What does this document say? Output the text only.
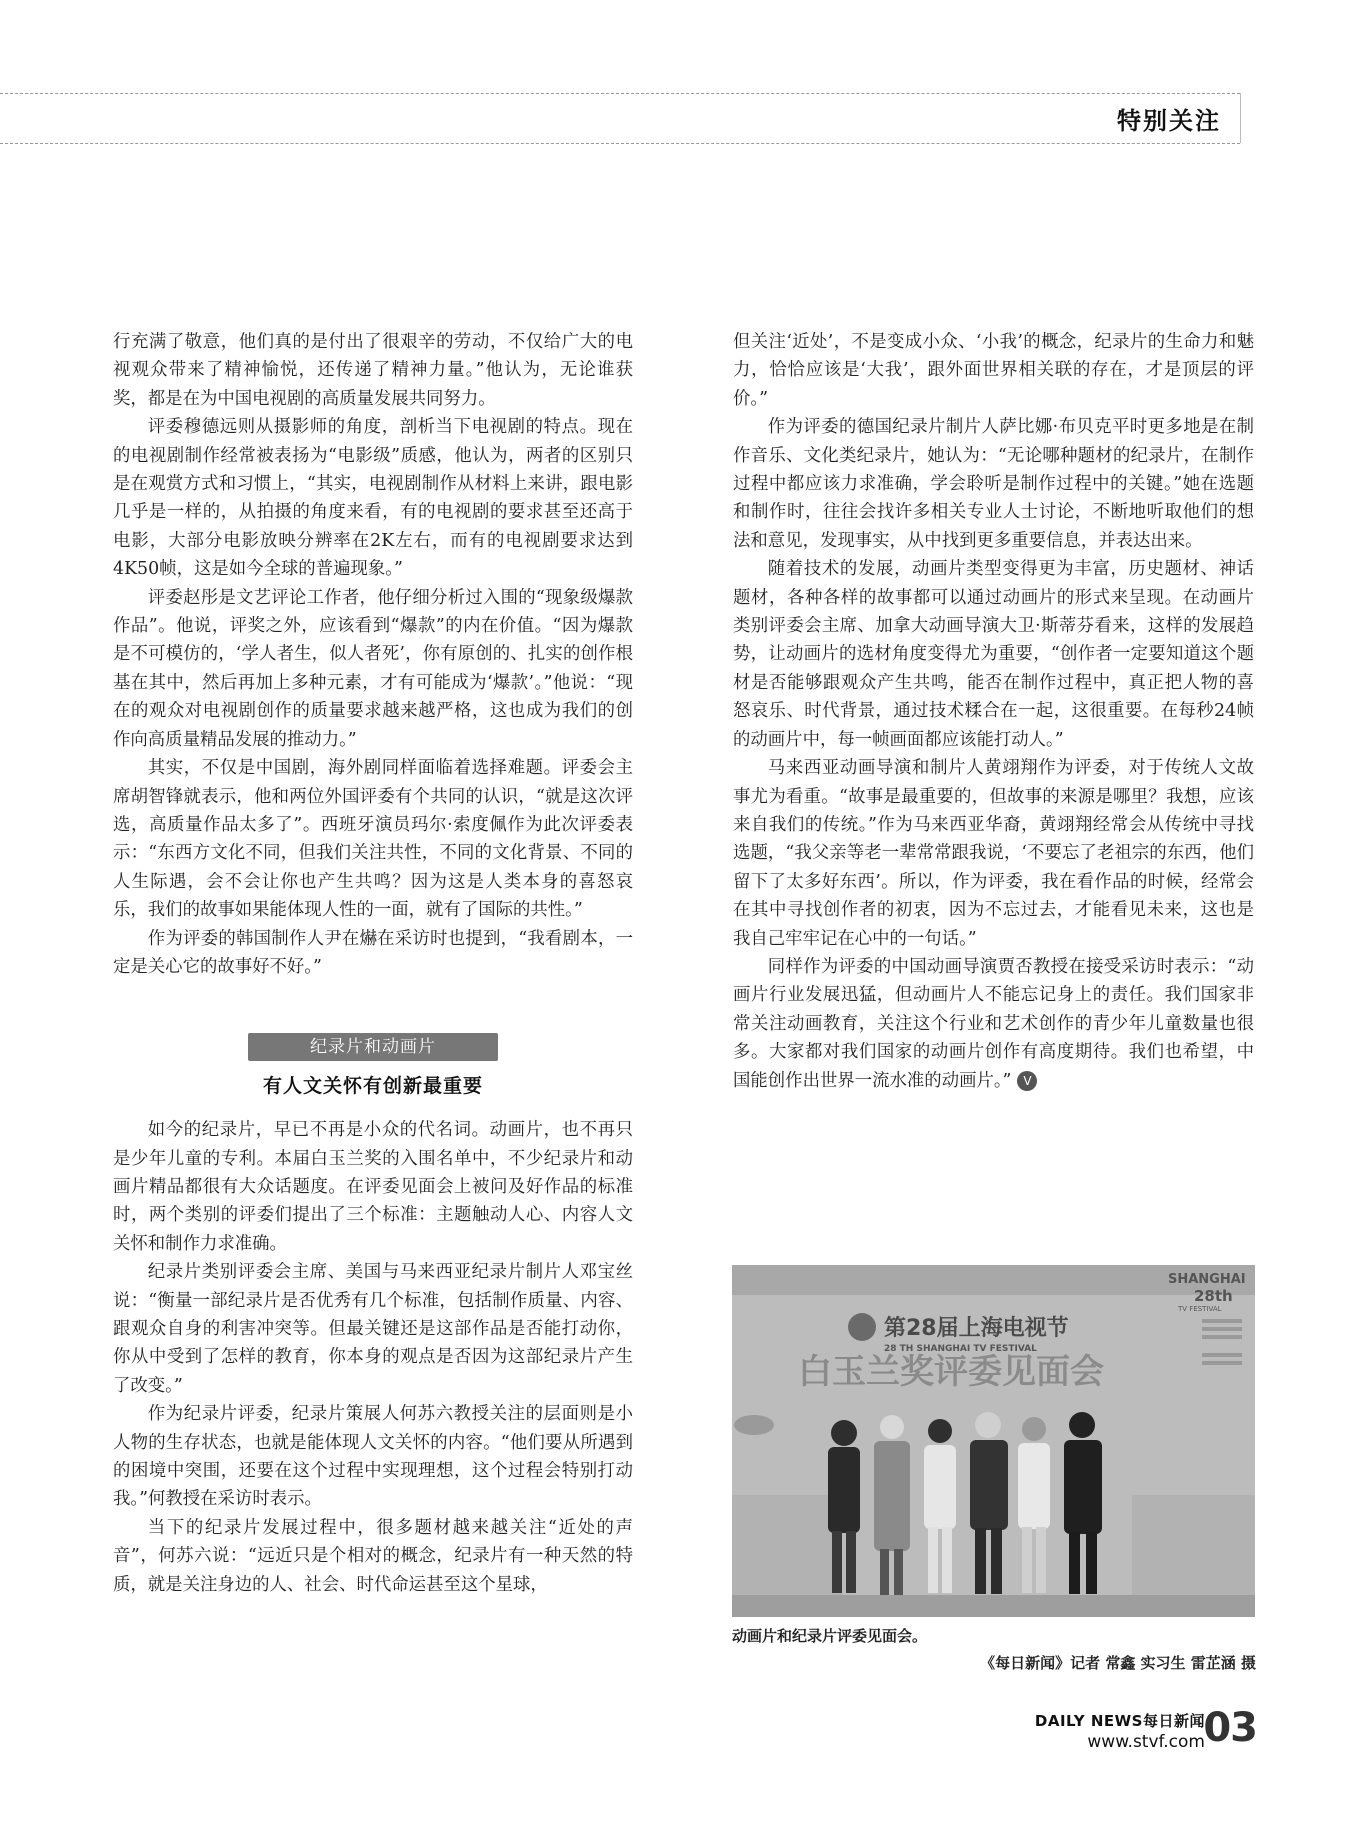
特别关注

行充满了敬意，他们真的是付出了很艰辛的劳动，不仅给广大的电视观众带来了精神愉悦，还传递了精神力量。”他认为，无论谁获奖，都是在为中国电视剧的高质量发展共同努力。

评委穆德远则从摄影师的角度，剖析当下电视剧的特点。现在的电视剧制作经常被表扬为“电影级”质感，他认为，两者的区别只是在观赏方式和习惯上，“其实，电视剧制作从材料上来讲，跟电影几乎是一样的，从拍摄的角度来看，有的电视剧的要求甚至还高于电影，大部分电影放映分辨率在2K左右，而有的电视剧要求达到4K50帧，这是如今全球的普遍现象。”

评委赵彤是文艺评论工作者，他仔细分析过入围的“现象级爆款作品”。他说，评奖之外，应该看到“爆款”的内在价值。“因为爆款是不可模仿的，‘学人者生，似人者死’，你有原创的、扎实的创作根基在其中，然后再加上多种元素，才有可能成为‘爆款’。”他说：“现在的观众对电视剧创作的质量要求越来越严格，这也成为我们的创作向高质量精品发展的推动力。”

其实，不仅是中国剧，海外剧同样面临着选择难题。评委会主席胡智锋就表示，他和两位外国评委有个共同的认识，“就是这次评选，高质量作品太多了”。西班牙演员玛尔·索度佩作为此次评委表示：“东西方文化不同，但我们关注共性，不同的文化背景、不同的人生际遇，会不会让你也产生共鸣？因为这是人类本身的喜怒哀乐，我们的故事如果能体现人性的一面，就有了国际的共性。”

作为评委的韩国制作人尹在爀在采访时也提到，“我看剧本，一定是关心它的故事好不好。”

纪录片和动画片
有人文关怀有创新最重要

如今的纪录片，早已不再是小众的代名词。动画片，也不再只是少年儿童的专利。本届白玉兰奖的入围名单中，不少纪录片和动画片精品都很有大众话题度。在评委见面会上被问及好作品的标准时，两个类别的评委们提出了三个标准：主题触动人心、内容人文关怀和制作力求准确。

纪录片类别评委会主席、美国与马来西亚纪录片制片人邓宝丝说：“衡量一部纪录片是否优秀有几个标准，包括制作质量、内容、跟观众自身的利害冲突等。但最关键还是这部作品是否能打动你，你从中受到了怎样的教育，你本身的观点是否因为这部纪录片产生了改变。”

作为纪录片评委，纪录片策展人何苏六教授关注的层面则是小人物的生存状态，也就是能体现人文关怀的内容。“他们要从所遇到的困境中突围，还要在这个过程中实现理想，这个过程会特别打动我。”何教授在采访时表示。

当下的纪录片发展过程中，很多题材越来越关注“近处的声音”，何苏六说：“远近只是个相对的概念，纪录片有一种天然的特质，就是关注身边的人、社会、时代命运甚至这个星球，

但关注‘近处’，不是变成小众、‘小我’的概念，纪录片的生命力和魅力，恰恰应该是‘大我’，跟外面世界相关联的存在，才是顶层的评价。”

作为评委的德国纪录片制片人萨比娜·布贝克平时更多地是在制作音乐、文化类纪录片，她认为：“无论哪种题材的纪录片，在制作过程中都应该力求准确，学会聆听是制作过程中的关键。”她在选题和制作时，往往会找许多相关专业人士讨论，不断地听取他们的想法和意见，发现事实，从中找到更多重要信息，并表达出来。

随着技术的发展，动画片类型变得更为丰富，历史题材、神话题材，各种各样的故事都可以通过动画片的形式来呈现。在动画片类别评委会主席、加拿大动画导演大卫·斯蒂芬看来，这样的发展趋势，让动画片的选材角度变得尤为重要，“创作者一定要知道这个题材是否能够跟观众产生共鸣，能否在制作过程中，真正把人物的喜怒哀乐、时代背景，通过技术糅合在一起，这很重要。在每秒24帧的动画片中，每一帧画面都应该能打动人。”

马来西亚动画导演和制片人黄翊翔作为评委，对于传统人文故事尤为看重。“故事是最重要的，但故事的来源是哪里？我想，应该来自我们的传统。”作为马来西亚华裔，黄翊翔经常会从传统中寻找选题，“我父亲等老一辈常常跟我说，‘不要忘了老祖宗的东西，他们留下了太多好东西’。所以，作为评委，我在看作品的时候，经常会在其中寻找创作者的初衷，因为不忘过去，才能看见未来，这也是我自己牢牢记在心中的一句话。”

同样作为评委的中国动画导演贾否教授在接受采访时表示：“动画片行业发展迅猛，但动画片人不能忘记身上的责任。我们国家非常关注动画教育，关注这个行业和艺术创作的青少年儿童数量也很多。大家都对我们国家的动画片创作有高度期待。我们也希望，中国能创作出世界一流水准的动画片。” V

第28届上海电视节
28 TH SHANGHAI TV FESTIVAL
白玉兰奖评委见面会
SHANGHAI
28th
TV FESTIVAL
动画片和纪录片评委见面会。
《每日新闻》记者 常鑫 实习生 雷芷涵 摄
DAILY NEWS每日新闻
www.stvf.com
03
